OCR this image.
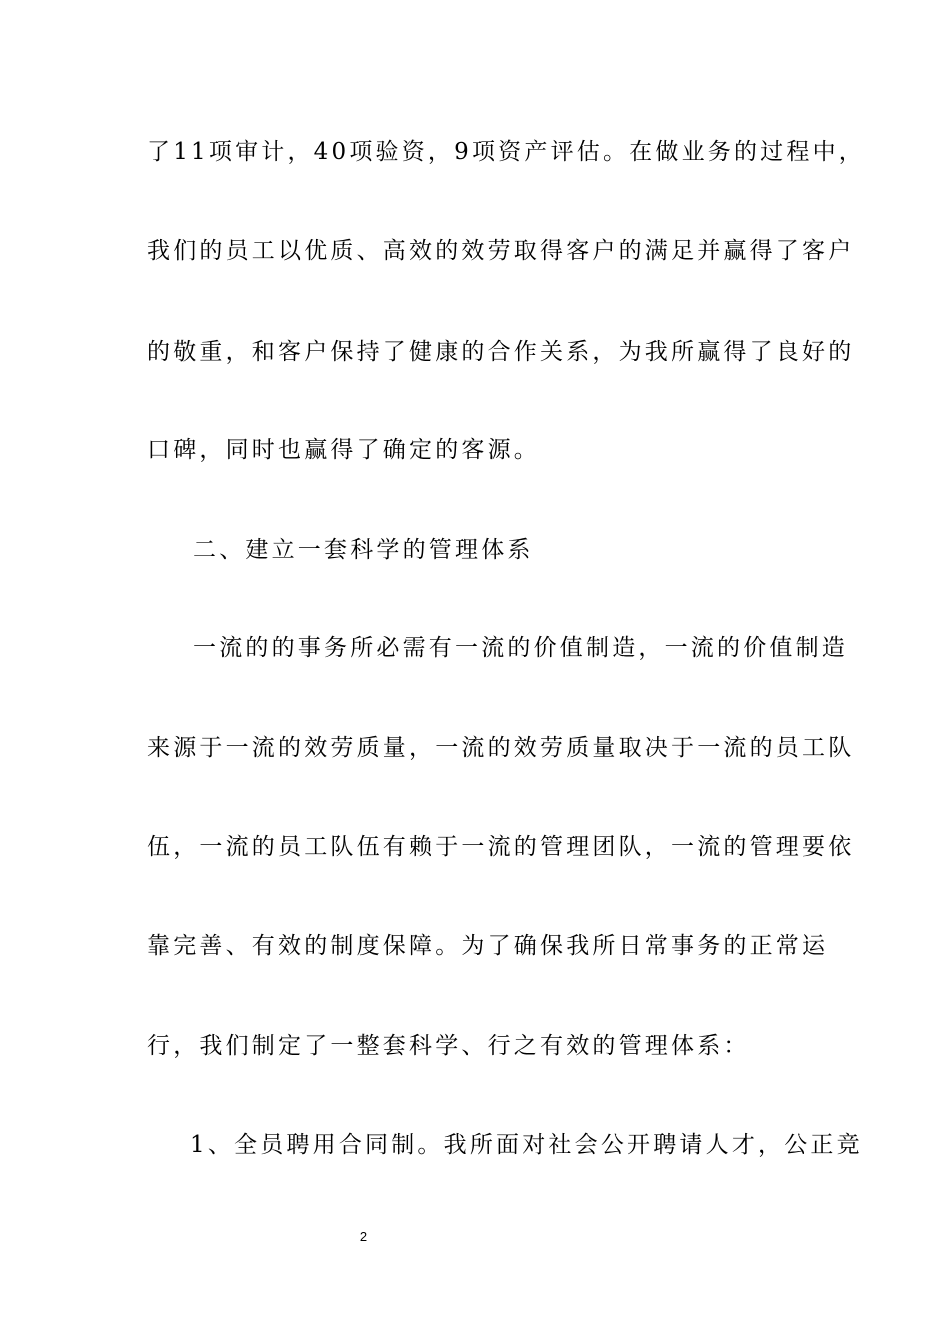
了11项审计，40项验资，9项资产评估。在做业务的过程中，
我们的员工以优质、高效的效劳取得客户的满足并赢得了客户
的敬重，和客户保持了健康的合作关系，为我所赢得了良好的
口碑，同时也赢得了确定的客源。
二、建立一套科学的管理体系
一流的的事务所必需有一流的价值制造，一流的价值制造
来源于一流的效劳质量，一流的效劳质量取决于一流的员工队
伍，一流的员工队伍有赖于一流的管理团队，一流的管理要依
靠完善、有效的制度保障。为了确保我所日常事务的正常运
行，我们制定了一整套科学、行之有效的管理体系：
1、全员聘用合同制。我所面对社会公开聘请人才，公正竞
2
